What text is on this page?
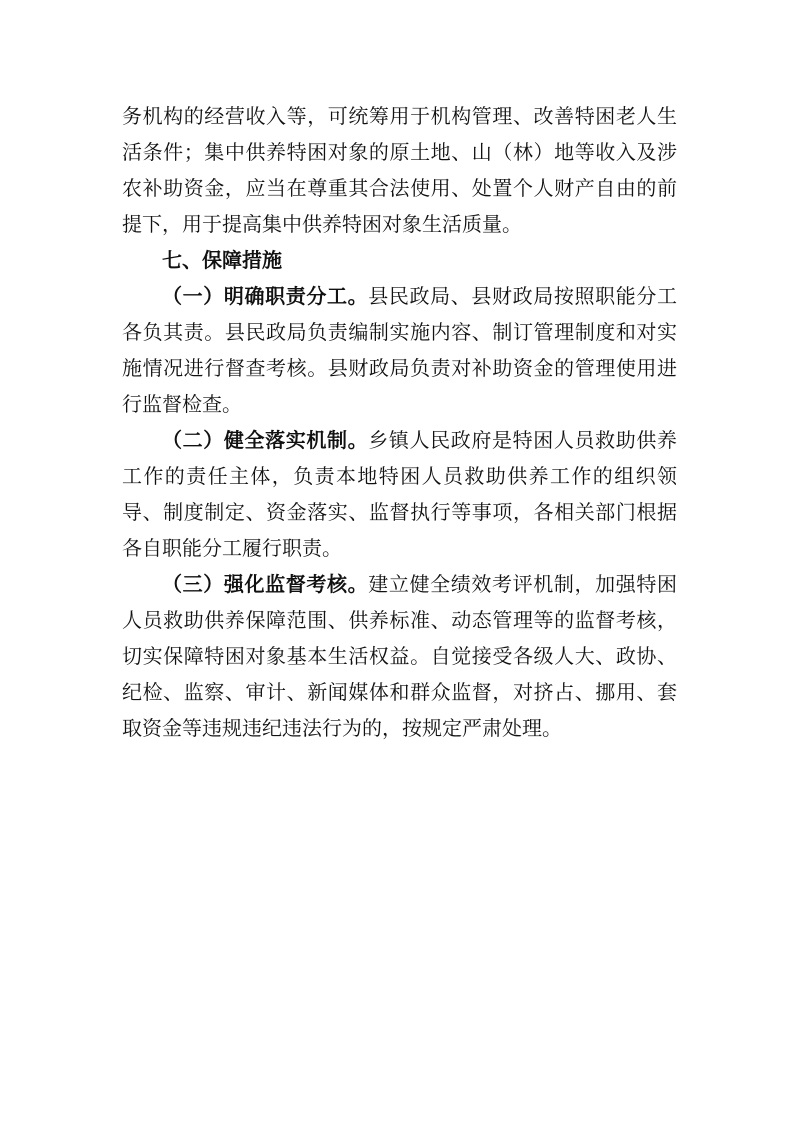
务机构的经营收入等，可统筹用于机构管理、改善特困老人生活条件；集中供养特困对象的原土地、山（林）地等收入及涉农补助资金，应当在尊重其合法使用、处置个人财产自由的前提下，用于提高集中供养特困对象生活质量。

七、保障措施

（一）明确职责分工。县民政局、县财政局按照职能分工各负其责。县民政局负责编制实施内容、制订管理制度和对实施情况进行督查考核。县财政局负责对补助资金的管理使用进行监督检查。

（二）健全落实机制。乡镇人民政府是特困人员救助供养工作的责任主体，负责本地特困人员救助供养工作的组织领导、制度制定、资金落实、监督执行等事项，各相关部门根据各自职能分工履行职责。

（三）强化监督考核。建立健全绩效考评机制，加强特困人员救助供养保障范围、供养标准、动态管理等的监督考核，切实保障特困对象基本生活权益。自觉接受各级人大、政协、纪检、监察、审计、新闻媒体和群众监督，对挤占、挪用、套取资金等违规违纪违法行为的，按规定严肃处理。
